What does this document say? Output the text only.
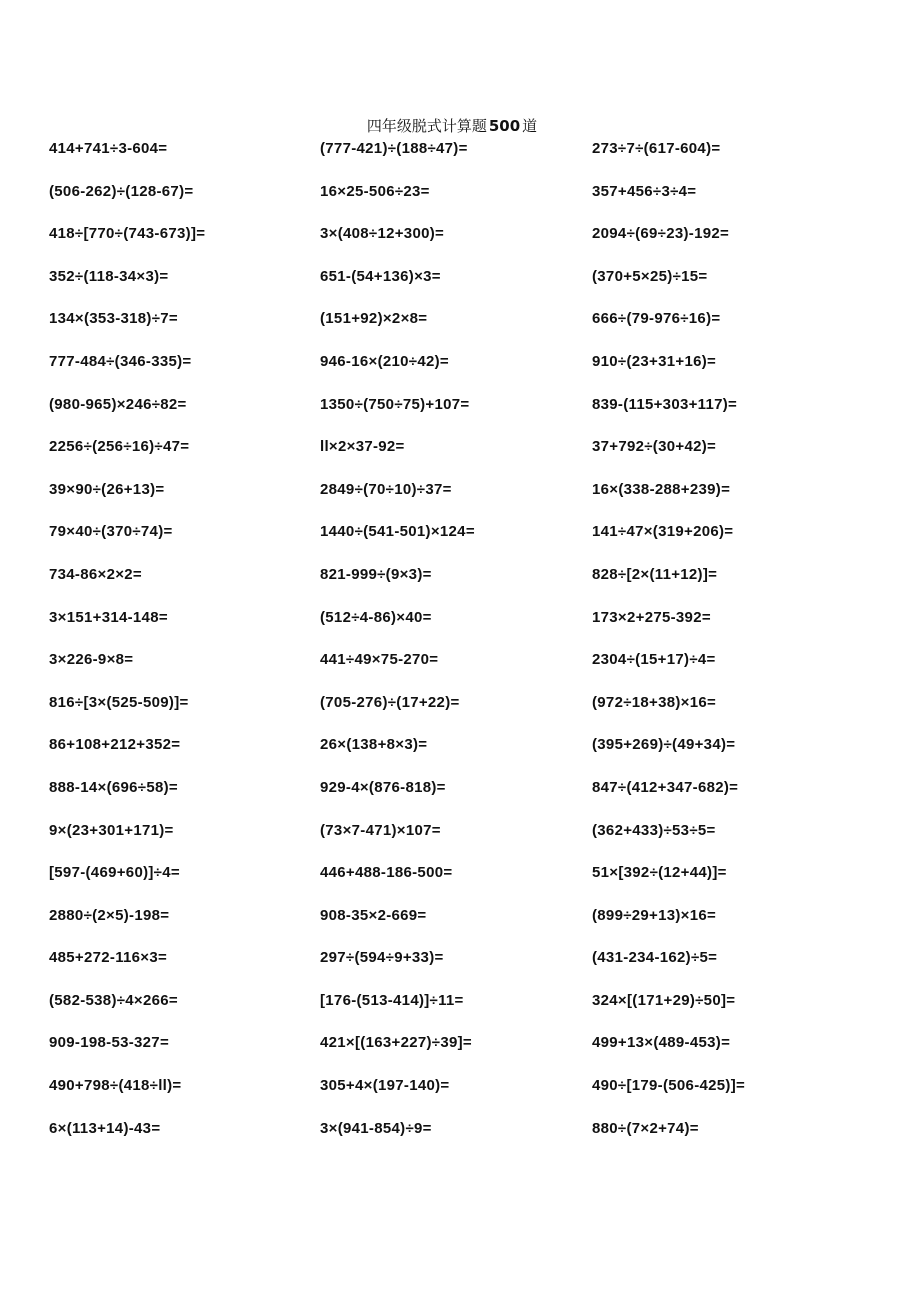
四年级脱式计算题 500 道
414+741÷3-604=	(777-421)÷(188÷47)=	273÷7÷(617-604)=
(506-262)÷(128-67)=	16×25-506÷23=	357+456÷3÷4=
418÷[770÷(743-673)]=	3×(408÷12+300)=	2094÷(69÷23)-192=
352÷(118-34×3)=	651-(54+136)×3=	(370+5×25)÷15=
134×(353-318)÷7=	(151+92)×2×8=	666÷(79-976÷16)=
777-484÷(346-335)=	946-16×(210÷42)=	910÷(23+31+16)=
(980-965)×246÷82=	1350÷(750÷75)+107=	839-(115+303+117)=
2256÷(256÷16)÷47=	ll×2×37-92=	37+792÷(30+42)=
39×90÷(26+13)=	2849÷(70÷10)÷37=	16×(338-288+239)=
79×40÷(370÷74)=	1440÷(541-501)×124=	141÷47×(319+206)=
734-86×2×2=	821-999÷(9×3)=	828÷[2×(11+12)]=
3×151+314-148=	(512÷4-86)×40=	173×2+275-392=
3×226-9×8=	441÷49×75-270=	2304÷(15+17)÷4=
816÷[3×(525-509)]=	(705-276)÷(17+22)=	(972÷18+38)×16=
86+108+212+352=	26×(138+8×3)=	(395+269)÷(49+34)=
888-14×(696÷58)=	929-4×(876-818)=	847÷(412+347-682)=
9×(23+301+171)=	(73×7-471)×107=	(362+433)÷53÷5=
[597-(469+60)]÷4=	446+488-186-500=	51×[392÷(12+44)]=
2880÷(2×5)-198=	908-35×2-669=	(899÷29+13)×16=
485+272-116×3=	297÷(594÷9+33)=	(431-234-162)÷5=
(582-538)÷4×266=	[176-(513-414)]÷11=	324×[(171+29)÷50]=
909-198-53-327=	421×[(163+227)÷39]=	499+13×(489-453)=
490+798÷(418÷ll)=	305+4×(197-140)=	490÷[179-(506-425)]=
6×(113+14)-43=	3×(941-854)÷9=	880÷(7×2+74)=
